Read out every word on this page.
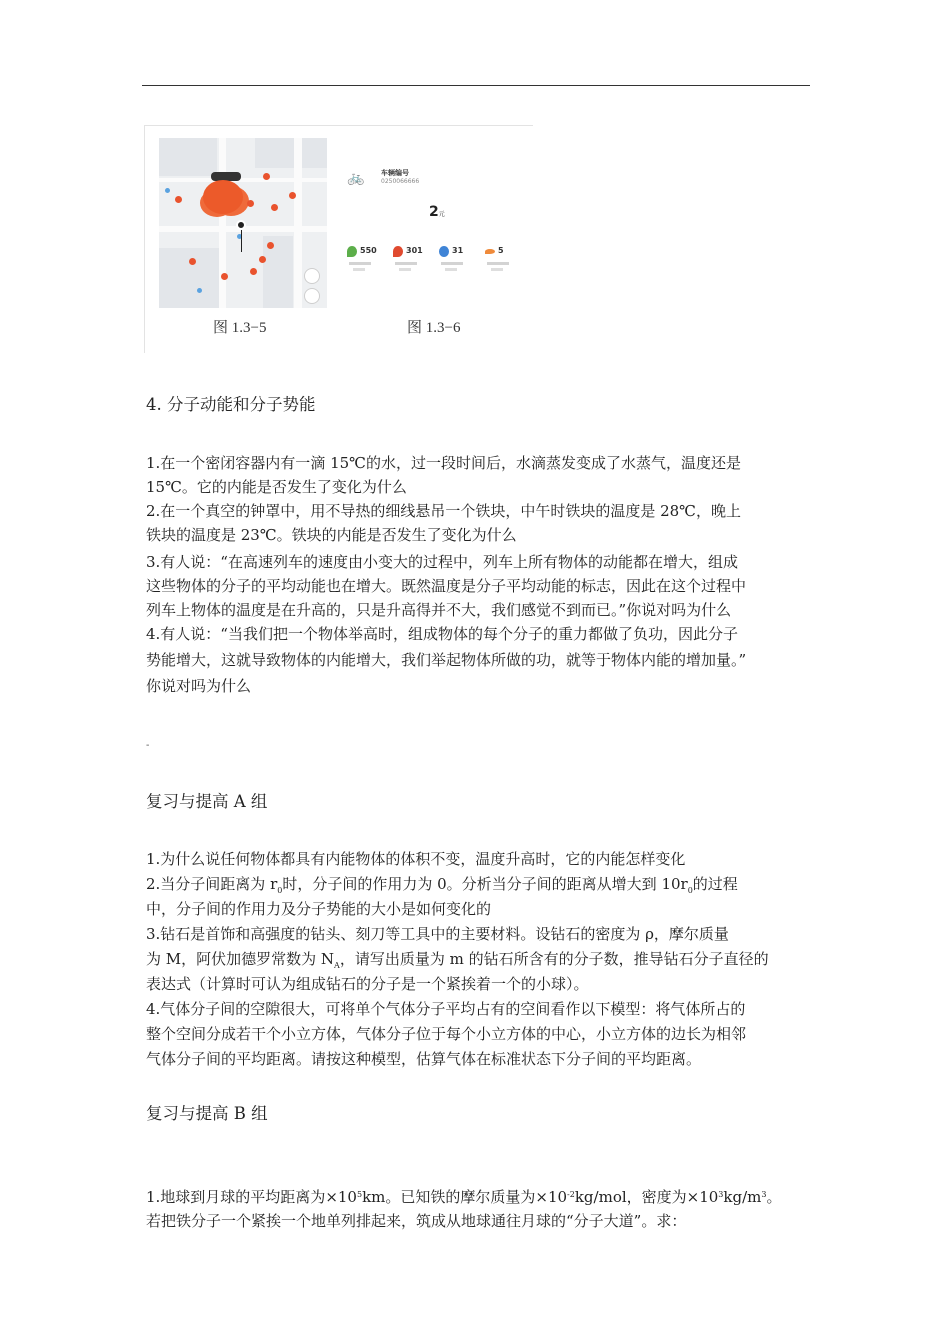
图 1.3−5
🚲 车辆编号
0250066666
2元
550	301	31	5
图 1.3−6
4. 分子动能和分子势能
1.在一个密闭容器内有一滴 15℃的水，过一段时间后，水滴蒸发变成了水蒸气，温度还是
15℃。它的内能是否发生了变化为什么
2.在一个真空的钟罩中，用不导热的细线悬吊一个铁块，中午时铁块的温度是 28℃，晚上
铁块的温度是 23℃。铁块的内能是否发生了变化为什么
3.有人说：“在高速列车的速度由小变大的过程中，列车上所有物体的动能都在增大，组成
这些物体的分子的平均动能也在增大。既然温度是分子平均动能的标志，因此在这个过程中
列车上物体的温度是在升高的，只是升高得并不大，我们感觉不到而已。”你说对吗为什么
4.有人说：“当我们把一个物体举高时，组成物体的每个分子的重力都做了负功，因此分子
势能增大，这就导致物体的内能增大，我们举起物体所做的功，就等于物体内能的增加量。”
你说对吗为什么
-
复习与提高 A 组
1.为什么说任何物体都具有内能物体的体积不变，温度升高时，它的内能怎样变化
2.当分子间距离为 $r_0$时，分子间的作用力为 0。分析当分子间的距离从增大到 $10r_0$的过程
中，分子间的作用力及分子势能的大小是如何变化的
3.钻石是首饰和高强度的钻头、刻刀等工具中的主要材料。设钻石的密度为 ρ，摩尔质量
为 M，阿伏加德罗常数为 $N_A$，请写出质量为 m 的钻石所含有的分子数，推导钻石分子直径的
表达式（计算时可认为组成钻石的分子是一个紧挨着一个的小球）。
4.气体分子间的空隙很大，可将单个气体分子平均占有的空间看作以下模型：将气体所占的
整个空间分成若干个小立方体，气体分子位于每个小立方体的中心，小立方体的边长为相邻
气体分子间的平均距离。请按这种模型，估算气体在标准状态下分子间的平均距离。
复习与提高 B 组
1.地球到月球的平均距离为$\times 10^5km$。已知铁的摩尔质量为$\times 10^{-2}kg$/mol，密度为$\times 10^3kg/m^3$。
若把铁分子一个紧挨一个地单列排起来，筑成从地球通往月球的“分子大道”。求：
